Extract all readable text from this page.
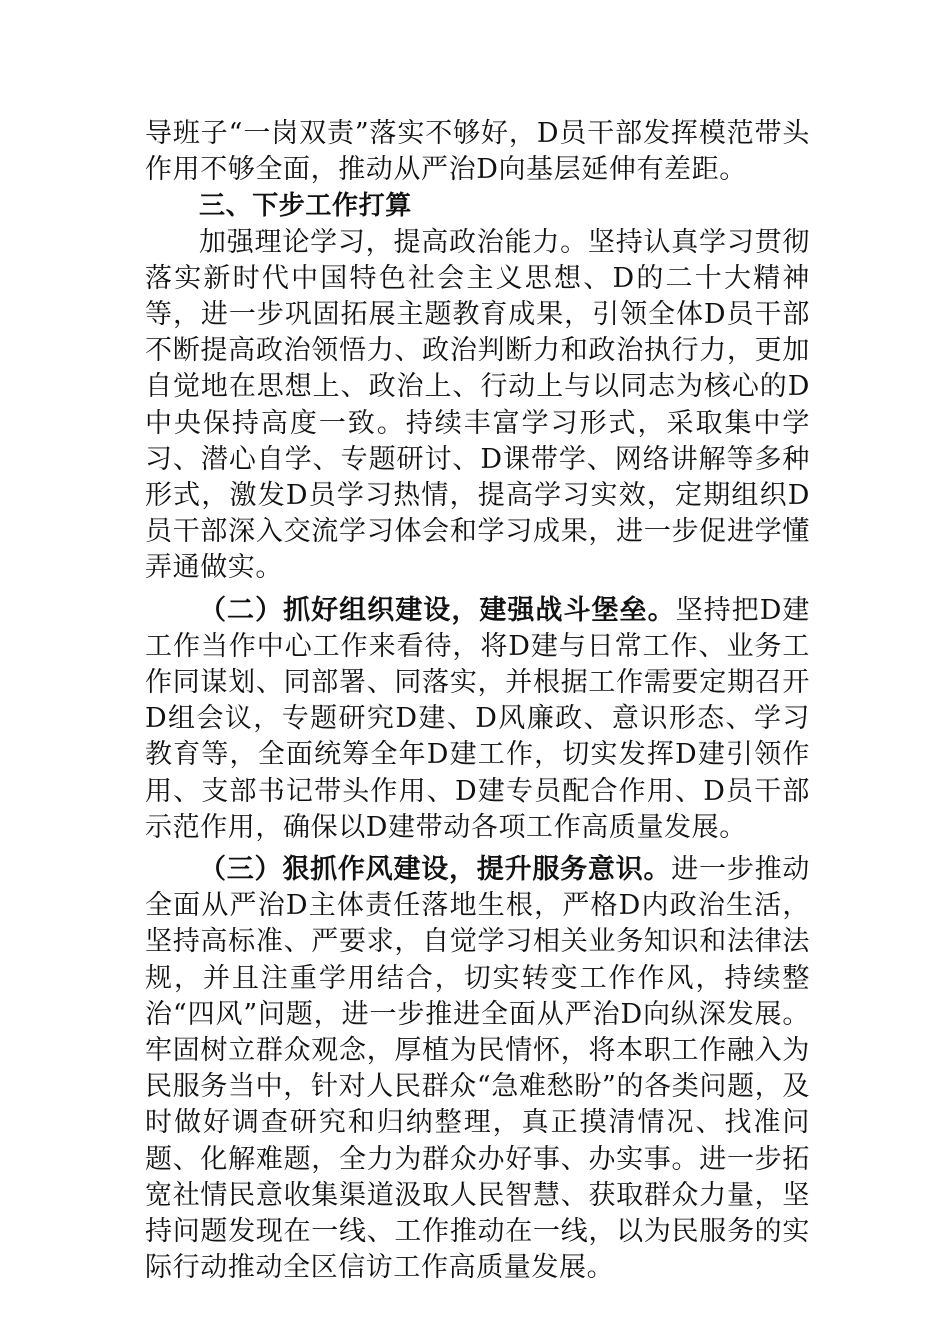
导班子“一岗双责”落实不够好，D员干部发挥模范带头作用不够全面，推动从严治D向基层延伸有差距。

三、下步工作打算

加强理论学习，提高政治能力。坚持认真学习贯彻落实新时代中国特色社会主义思想、D的二十大精神等，进一步巩固拓展主题教育成果，引领全体D员干部不断提高政治领悟力、政治判断力和政治执行力，更加自觉地在思想上、政治上、行动上与以同志为核心的D中央保持高度一致。持续丰富学习形式，采取集中学习、潜心自学、专题研讨、D课带学、网络讲解等多种形式，激发D员学习热情，提高学习实效，定期组织D员干部深入交流学习体会和学习成果，进一步促进学懂弄通做实。

（二）抓好组织建设，建强战斗堡垒。坚持把D建工作当作中心工作来看待，将D建与日常工作、业务工作同谋划、同部署、同落实，并根据工作需要定期召开D组会议，专题研究D建、D风廉政、意识形态、学习教育等，全面统筹全年D建工作，切实发挥D建引领作用、支部书记带头作用、D建专员配合作用、D员干部示范作用，确保以D建带动各项工作高质量发展。

（三）狠抓作风建设，提升服务意识。进一步推动全面从严治D主体责任落地生根，严格D内政治生活，坚持高标准、严要求，自觉学习相关业务知识和法律法规，并且注重学用结合，切实转变工作作风，持续整治“四风”问题，进一步推进全面从严治D向纵深发展。牢固树立群众观念，厚植为民情怀，将本职工作融入为民服务当中，针对人民群众“急难愁盼”的各类问题，及时做好调查研究和归纳整理，真正摸清情况、找准问题、化解难题，全力为群众办好事、办实事。进一步拓宽社情民意收集渠道汲取人民智慧、获取群众力量，坚持问题发现在一线、工作推动在一线，以为民服务的实际行动推动全区信访工作高质量发展。
